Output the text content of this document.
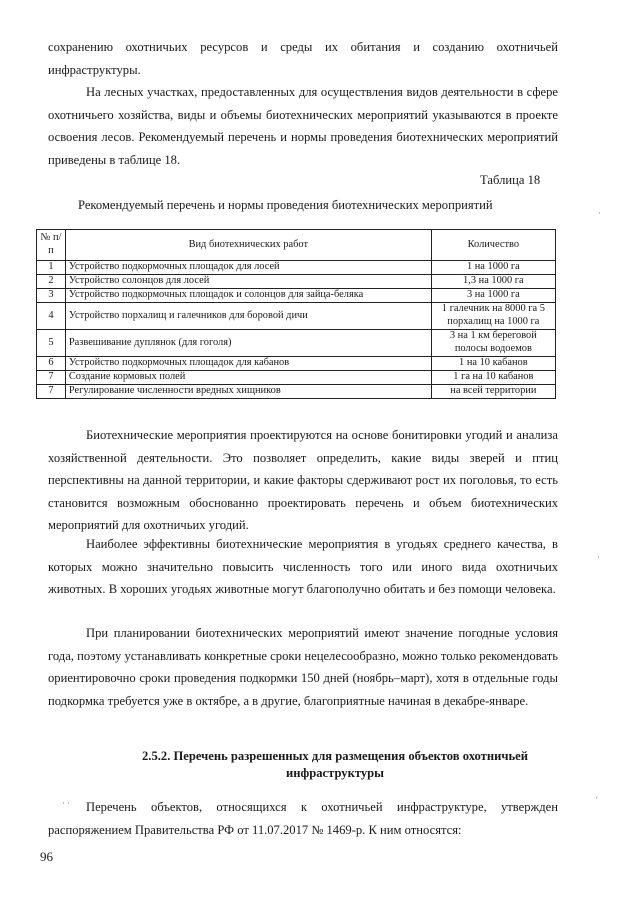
сохранению охотничьих ресурсов и среды их обитания и созданию охотничьей инфраструктуры.

На лесных участках, предоставленных для осуществления видов деятельности в сфере охотничьего хозяйства, виды и объемы биотехнических мероприятий указываются в проекте освоения лесов. Рекомендуемый перечень и нормы проведения биотехнических мероприятий приведены в таблице 18.

Таблица 18
Рекомендуемый перечень и нормы проведения биотехнических мероприятий
№ п/п	Вид биотехнических работ	Количество
1	Устройство подкормочных площадок для лосей	1 на 1000 га
2	Устройство солонцов для лосей	1,3 на 1000 га
3	Устройство подкормочных площадок и солонцов для зайца-беляка	3 на 1000 га
4	Устройство порхалищ и галечников для боровой дичи	1 галечник на 8000 га 5 порхалищ на 1000 га
5	Развешивание дуплянок (для гоголя)	3 на 1 км береговой полосы водоемов
6	Устройство подкормочных площадок для кабанов	1 на 10 кабанов
7	Создание кормовых полей	1 га на 10 кабанов
7	Регулирование численности вредных хищников	на всей территории

Биотехнические мероприятия проектируются на основе бонитировки угодий и анализа хозяйственной деятельности. Это позволяет определить, какие виды зверей и птиц перспективны на данной территории, и какие факторы сдерживают рост их поголовья, то есть становится возможным обоснованно проектировать перечень и объем биотехнических мероприятий для охотничьих угодий.

Наиболее эффективны биотехнические мероприятия в угодьях среднего качества, в которых можно значительно повысить численность того или иного вида охотничьих животных. В хороших угодьях животные могут благополучно обитать и без помощи человека.

При планировании биотехнических мероприятий имеют значение погодные условия года, поэтому устанавливать конкретные сроки нецелесообразно, можно только рекомендовать ориентировочно сроки проведения подкормки 150 дней (ноябрь–март), хотя в отдельные годы подкормка требуется уже в октябре, а в другие, благоприятные начиная в декабре-январе.

2.5.2. Перечень разрешенных для размещения объектов охотничьей инфраструктуры

Перечень объектов, относящихся к охотничьей инфраструктуре, утвержден распоряжением Правительства РФ от 11.07.2017 № 1469-р. К ним относятся:

96
·
·
′
· ·
